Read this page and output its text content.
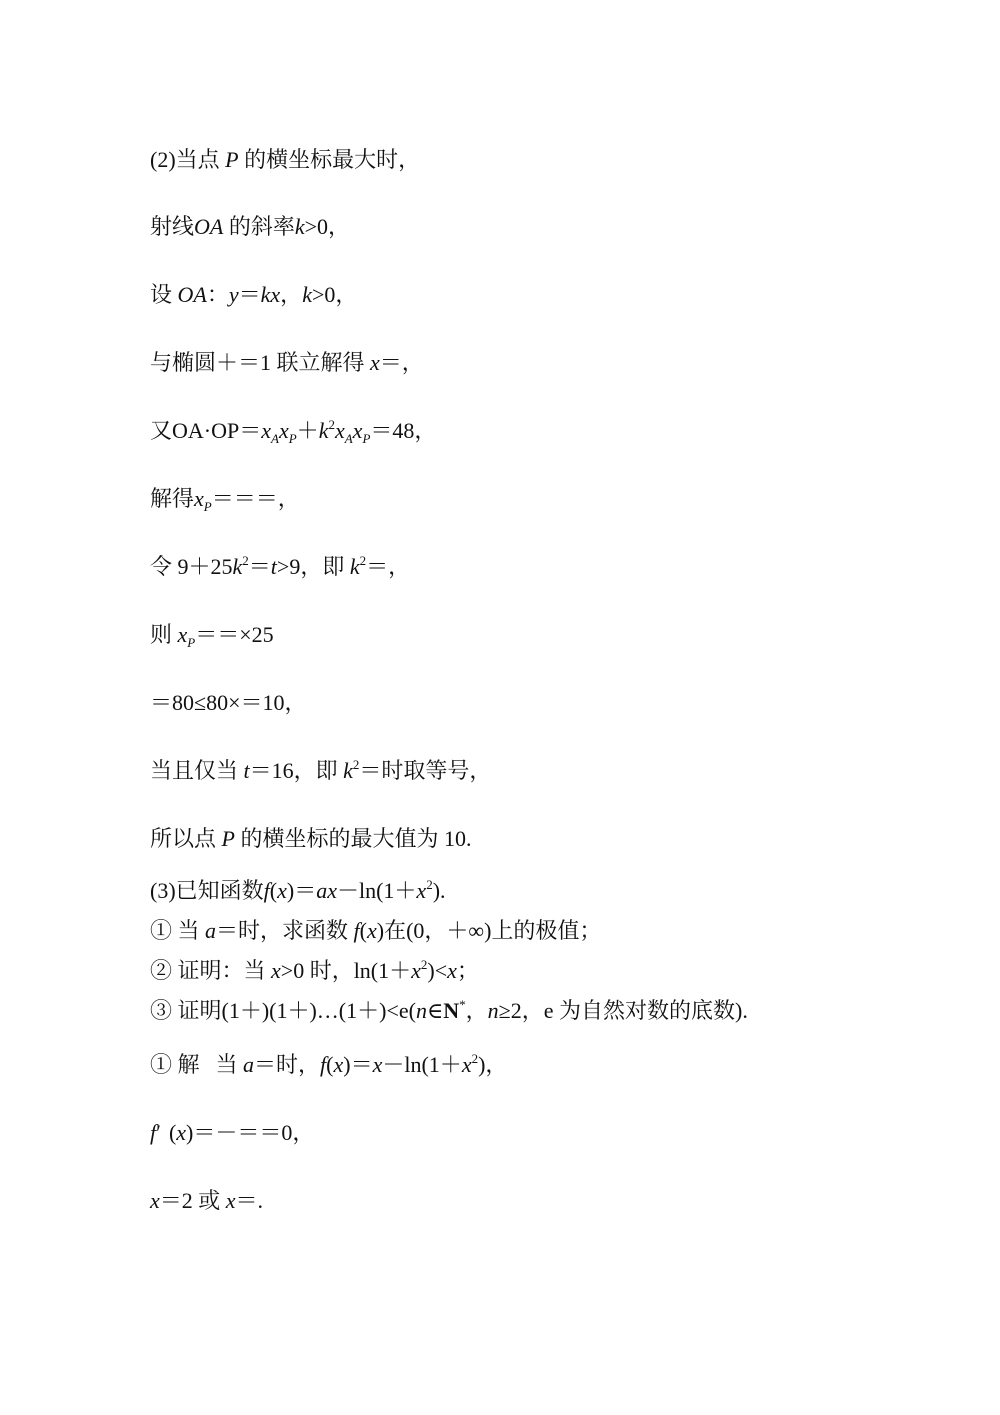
(2)当点 P 的横坐标最大时，
射线OA 的斜率k>0，
设 OA：y＝kx，k>0，
与椭圆＋＝1 联立解得 x＝，
又$OA\cdot OP=x_Ax_P+k^2x_Ax_P=48$，
解得$x_P===$，
令 $9+25k^2=t>9$，即 $k^2=$，
则 $x_P==\times 25$
＝80≤80×＝10，
当且仅当 t＝16，即 $k^2=$时取等号，
所以点 P 的横坐标的最大值为 10.
(3)已知函数$f(x)=ax-\ln(1+x^2)$.
① 当 a＝时，求函数 f(x)在(0，＋∞)上的极值；
② 证明：当 x>0 时，$\ln(1+x^2)<x$；
③ 证明(1＋)(1＋)…(1＋)<e(n∈N*，n≥2，e 为自然对数的底数).
① 解 当 a＝时，$f(x)=x-\ln(1+x^2)$，
f′ (x)＝－＝＝0，
x＝2 或 x＝.
